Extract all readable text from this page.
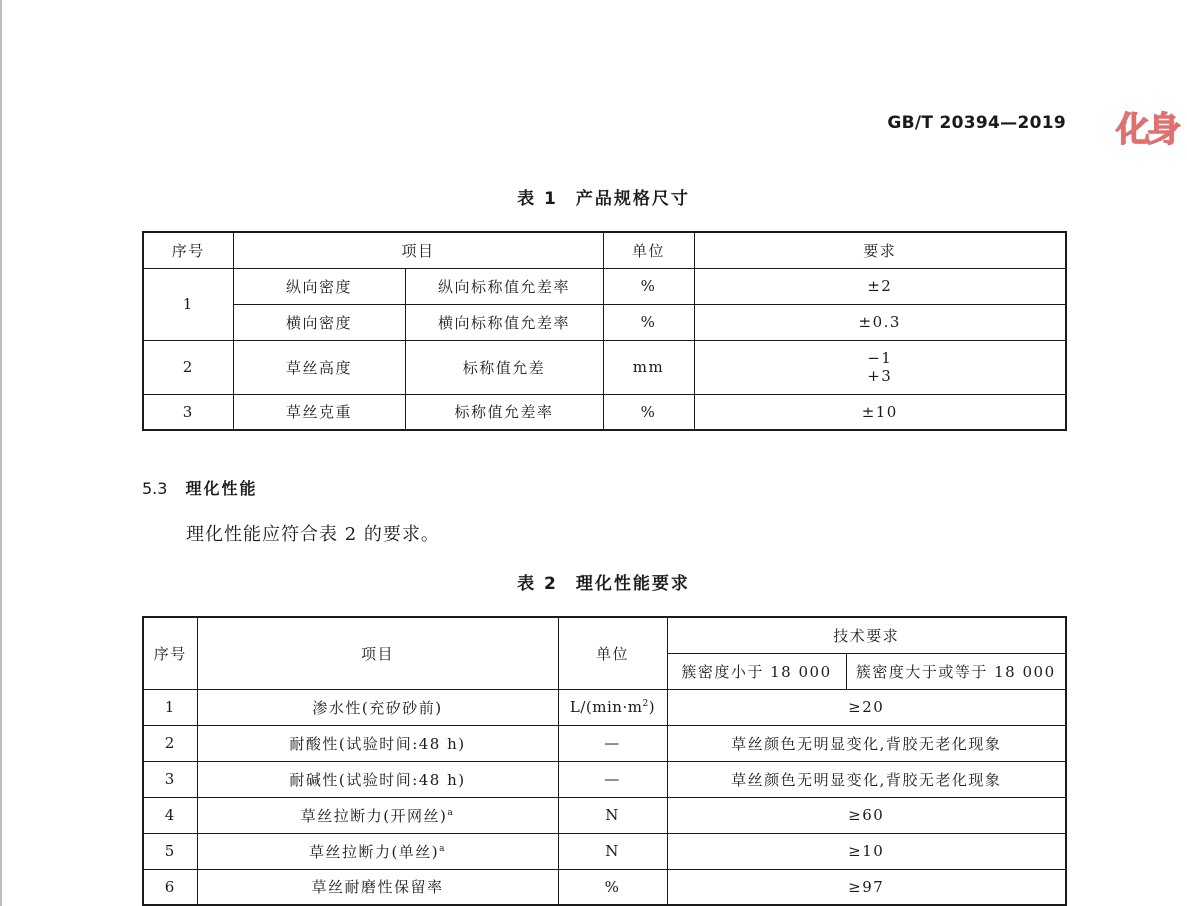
GB/T 20394—2019 化身
表 1 产品规格尺寸
序号	项目		单位	要求
1	纵向密度	纵向标称值允差率	%	±2
	横向密度	横向标称值允差率	%	±0.3
2	草丝高度	标称值允差	mm	−1
+3

3	草丝克重	标称值允差率	%	±10
5.3 理化性能
理化性能应符合表 2 的要求。
表 2 理化性能要求
序号	项目	单位	技术要求	
			簇密度小于 18 000	簇密度大于或等于 18 000
1	渗水性(充矽砂前)	$L/(\min\cdot m^2)$	≥20	
2	耐酸性(试验时间:48 h)	—	草丝颜色无明显变化,背胶无老化现象	
3	耐碱性(试验时间:48 h)	—	草丝颜色无明显变化,背胶无老化现象	
4	草丝拉断力(开网丝)$^a$	N	≥60	
5	草丝拉断力(单丝)$^a$	N	≥10	
6	草丝耐磨性保留率	%	≥97	
